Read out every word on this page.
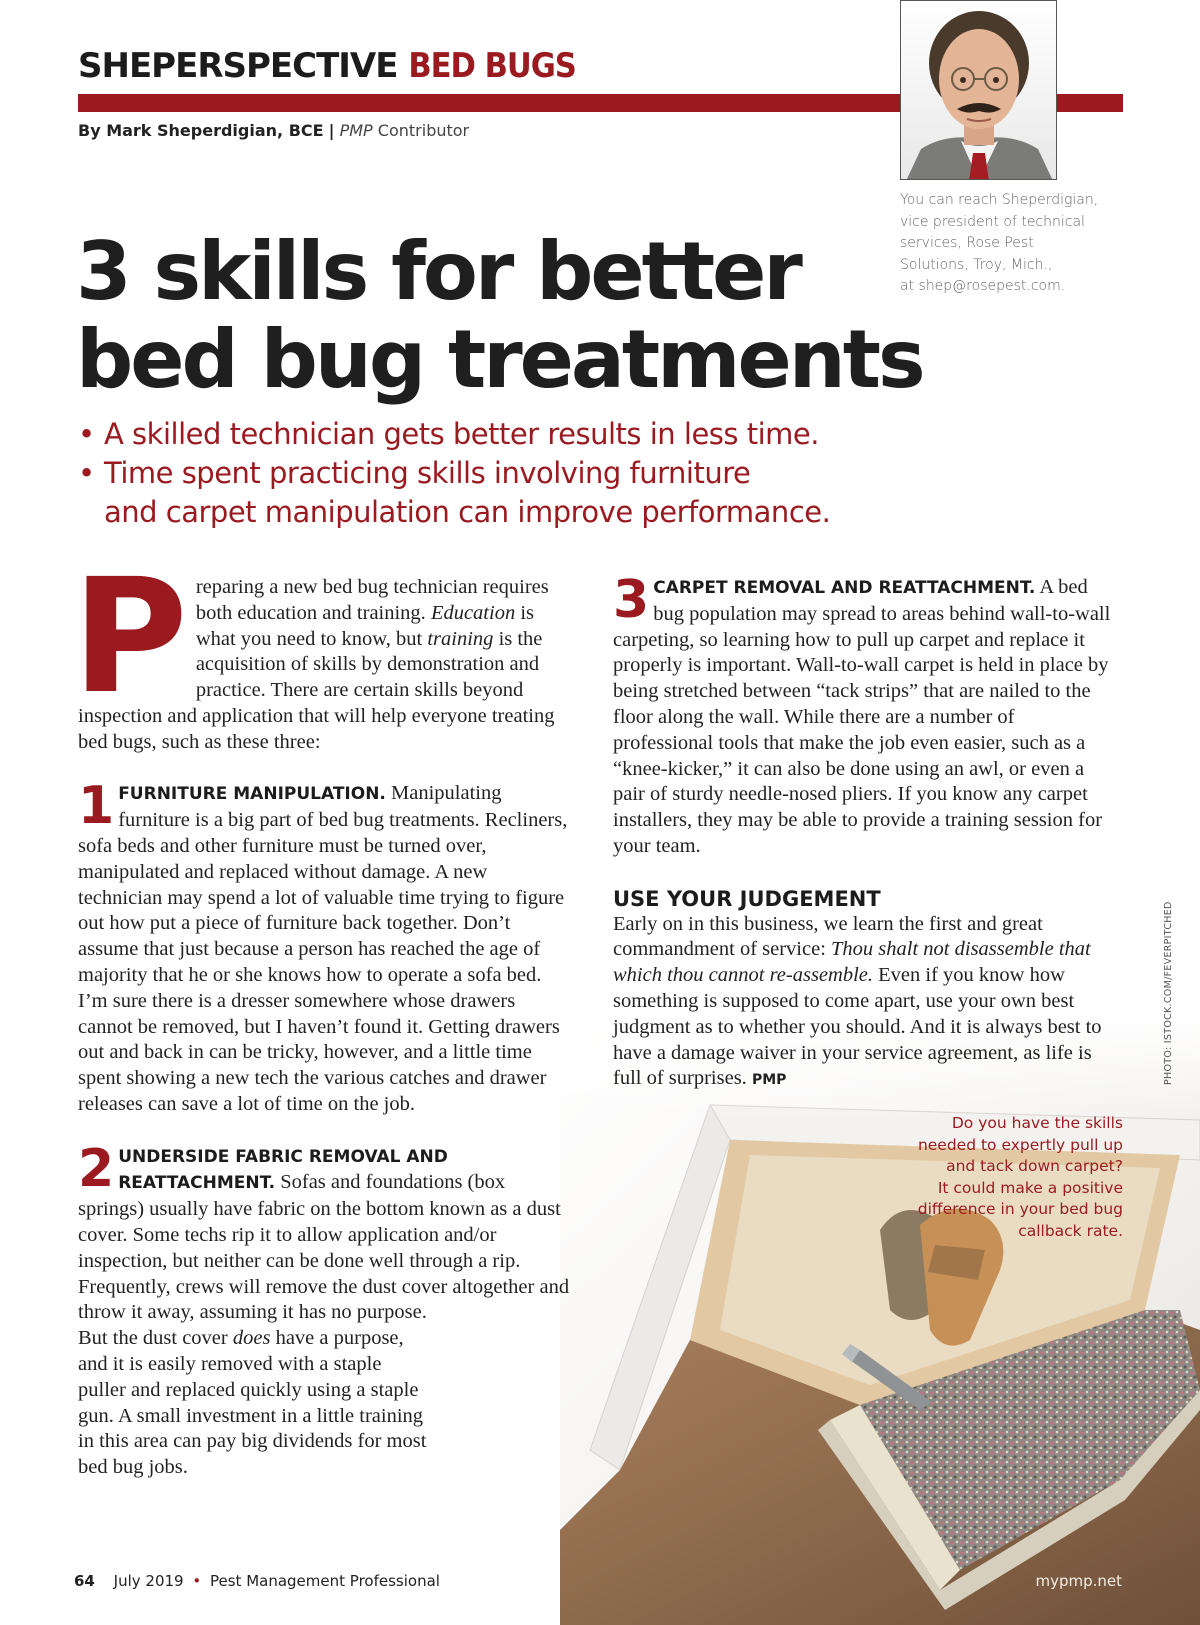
SHEPERSPECTIVE BED BUGS
By Mark Sheperdigian, BCE | PMP Contributor
You can reach Sheperdigian,
vice president of technical
services, Rose Pest
Solutions, Troy, Mich.,
at shep@rosepest.com.
3 skills for better
bed bug treatments
• A skilled technician gets better results in less time.
• Time spent practicing skills involving furniture
and carpet manipulation can improve performance.

Preparing a new bed bug technician requires both education and training. Education is what you need to know, but training is the acquisition of skills by demonstration and practice. There are certain skills beyond inspection and application that will help everyone treating bed bugs, such as these three:

1 FURNITURE MANIPULATION. Manipulating furniture is a big part of bed bug treatments. Recliners, sofa beds and other furniture must be turned over, manipulated and replaced without damage. A new technician may spend a lot of valuable time trying to figure out how put a piece of furniture back together. Don’t assume that just because a person has reached the age of majority that he or she knows how to operate a sofa bed. I’m sure there is a dresser somewhere whose drawers cannot be removed, but I haven’t found it. Getting drawers out and back in can be tricky, however, and a little time spent showing a new tech the various catches and drawer releases can save a lot of time on the job.

2 UNDERSIDE FABRIC REMOVAL AND REATTACHMENT. Sofas and foundations (box springs) usually have fabric on the bottom known as a dust cover. Some techs rip it to allow application and/or inspection, but neither can be done well through a rip. Frequently, crews will remove the dust cover altogether and throw it away, assuming it has no purpose.
But the dust cover does have a purpose, and it is easily removed with a staple puller and replaced quickly using a staple gun. A small investment in a little training in this area can pay big dividends for most bed bug jobs.

3 CARPET REMOVAL AND REATTACHMENT. A bed bug population may spread to areas behind wall-to-wall carpeting, so learning how to pull up carpet and replace it properly is important. Wall-to-wall carpet is held in place by being stretched between “tack strips” that are nailed to the floor along the wall. While there are a number of professional tools that make the job even easier, such as a “knee-kicker,” it can also be done using an awl, or even a pair of sturdy needle-nosed pliers. If you know any carpet installers, they may be able to provide a training session for your team.

USE YOUR JUDGEMENT
Early on in this business, we learn the first and great commandment of service: Thou shalt not disassemble that which thou cannot re-assemble. Even if you know how something is supposed to come apart, use your own best judgment as to whether you should. And it is always best to have a damage waiver in your service agreement, as life is full of surprises. PMP
Do you have the skills
needed to expertly pull up
and tack down carpet?
It could make a positive
difference in your bed bug
callback rate.
PHOTO: ISTOCK.COM/FEVERPITCHED
64 July 2019 • Pest Management Professional	mypmp.net
